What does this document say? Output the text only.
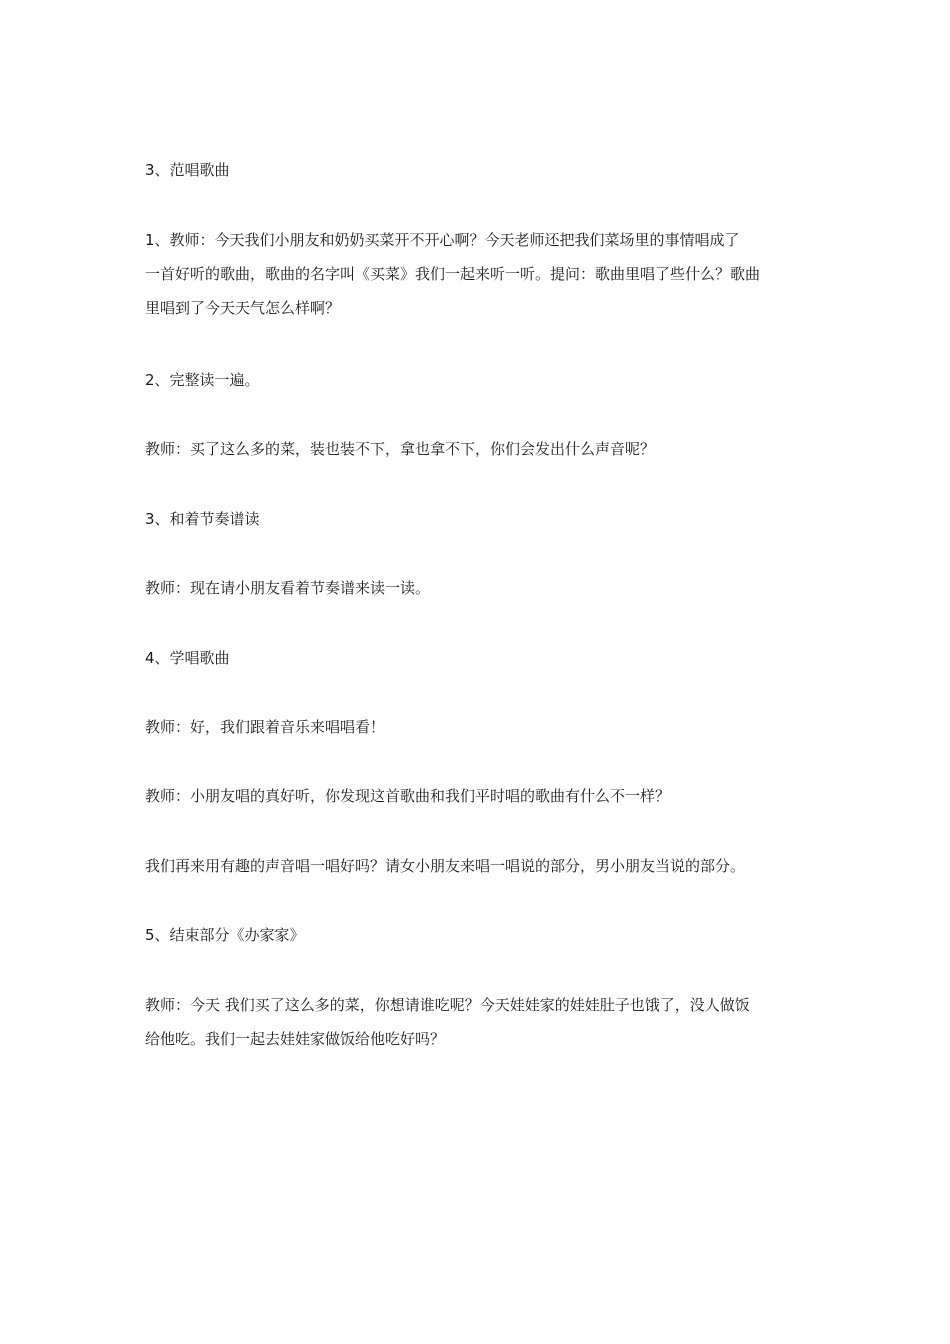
3、范唱歌曲

1、教师：今天我们小朋友和奶奶买菜开不开心啊？今天老师还把我们菜场里的事情唱成了
一首好听的歌曲，歌曲的名字叫《买菜》我们一起来听一听。提问：歌曲里唱了些什么？歌曲
里唱到了今天天气怎么样啊？

2、完整读一遍。

教师：买了这么多的菜，装也装不下，拿也拿不下，你们会发出什么声音呢？

3、和着节奏谱读

教师：现在请小朋友看着节奏谱来读一读。

4、学唱歌曲

教师：好，我们跟着音乐来唱唱看！

教师：小朋友唱的真好听，你发现这首歌曲和我们平时唱的歌曲有什么不一样？

我们再来用有趣的声音唱一唱好吗？请女小朋友来唱一唱说的部分，男小朋友当说的部分。

5、结束部分《办家家》

教师：今天 我们买了这么多的菜，你想请谁吃呢？今天娃娃家的娃娃肚子也饿了，没人做饭
给他吃。我们一起去娃娃家做饭给他吃好吗？
